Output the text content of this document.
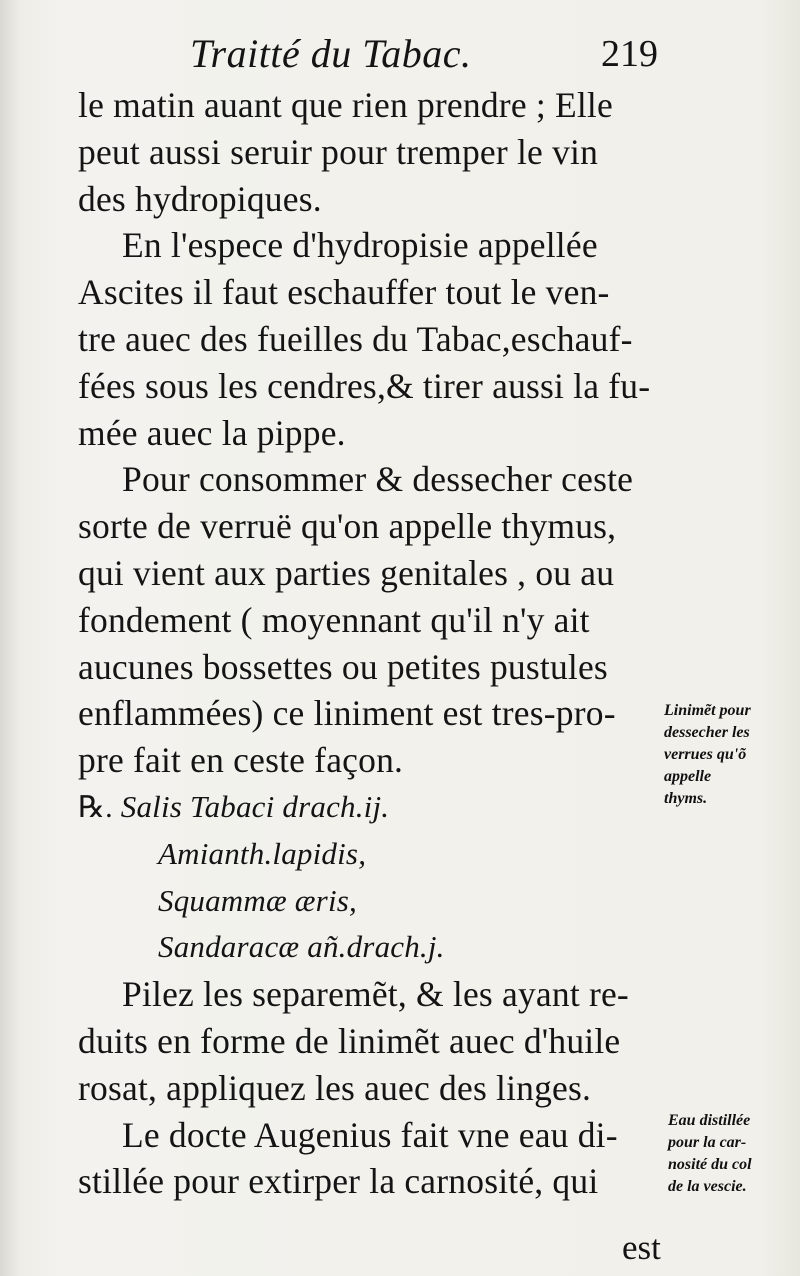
Traitté du Tabac.	219
le matin auant que rien prendre ; Elle
peut aussi seruir pour tremper le vin
des hydropiques.
En l'espece d'hydropisie appellée
Ascites il faut eschauffer tout le ven-
tre auec des fueilles du Tabac,eschauf-
fées sous les cendres,& tirer aussi la fu-
mée auec la pippe.
Pour consommer & dessecher ceste
sorte de verruë qu'on appelle thymus,
qui vient aux parties genitales , ou au
fondement ( moyennant qu'il n'y ait
aucunes bossettes ou petites pustules
enflammées) ce liniment est tres-pro-
pre fait en ceste façon.
℞. Salis Tabaci drach.ij.
Amianth.lapidis,
Squammæ æris,
Sandaracæ añ.drach.j.
Pilez les separemẽt, & les ayant re-
duits en forme de linimẽt auec d'huile
rosat, appliquez les auec des linges.
Le docte Augenius fait vne eau di-
stillée pour extirper la carnosité, qui
Linimẽt pour
dessecher les
verrues qu'õ
appelle
thyms.
Eau distillée
pour la car-
nosité du col
de la vescie.
est
